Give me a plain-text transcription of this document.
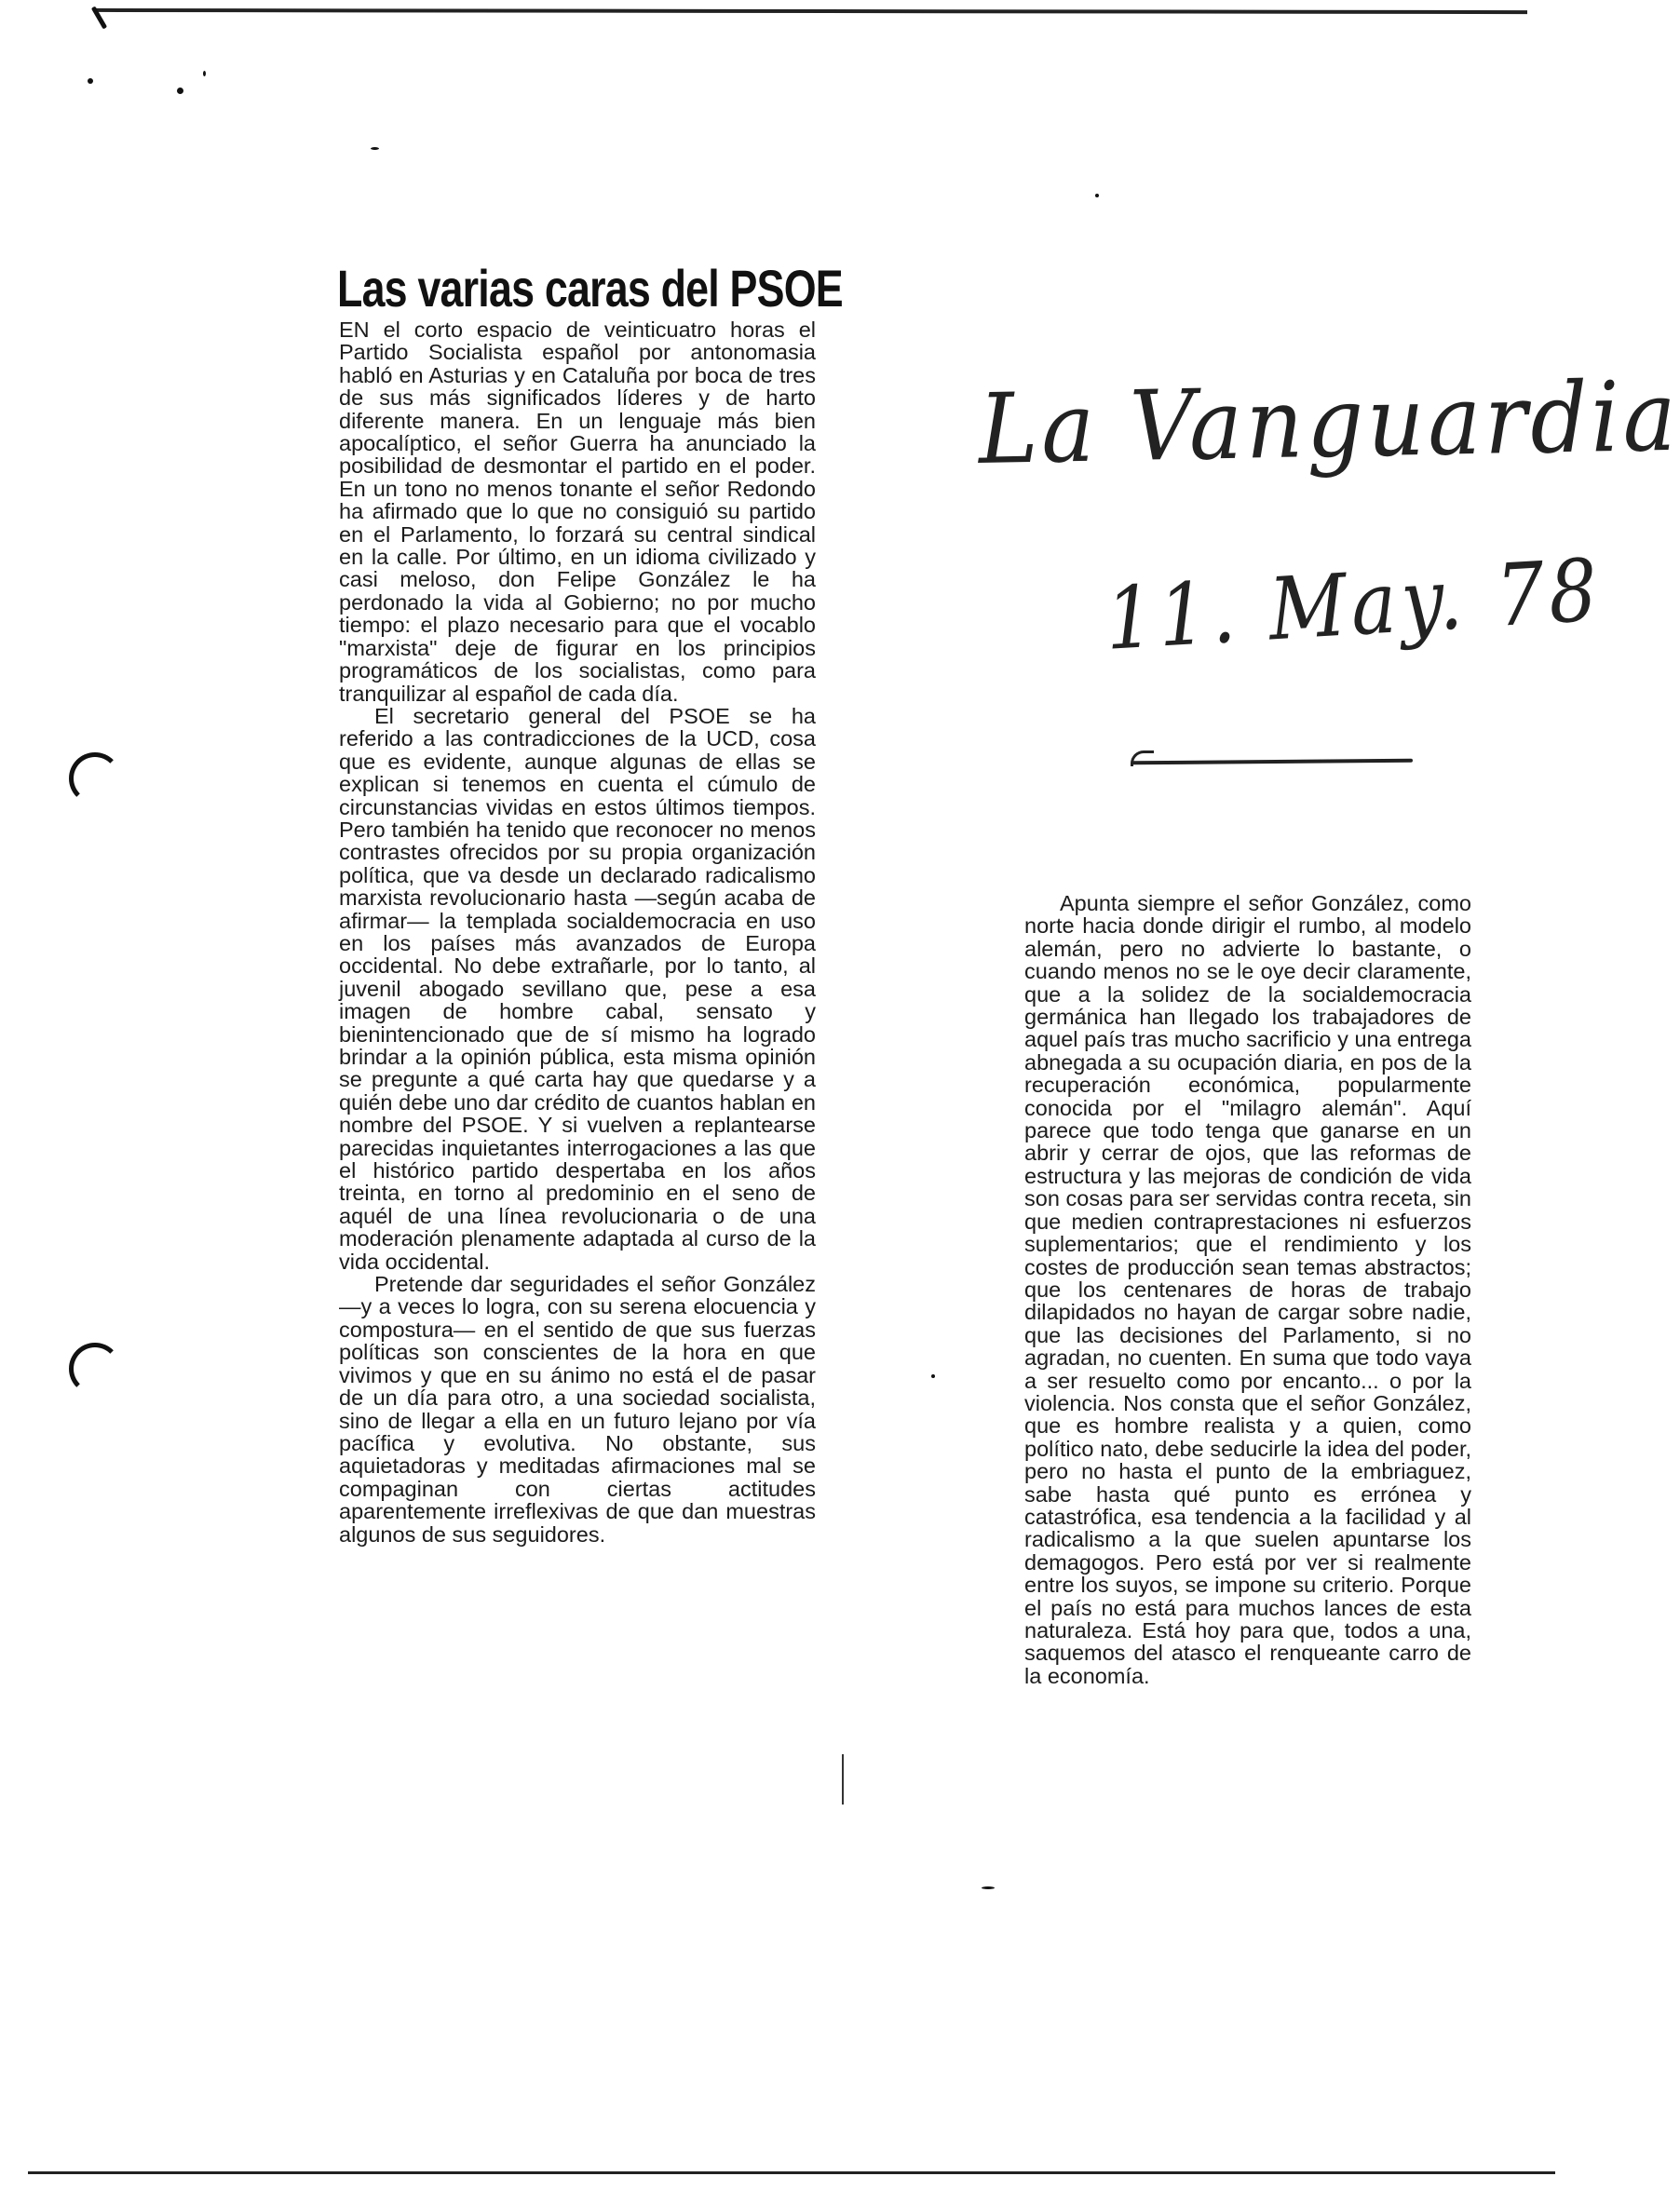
Las varias caras del PSOE

EN el corto espacio de veinticuatro horas el Partido Socialista español por antonomasia habló en Asturias y en Cataluña por boca de tres de sus más significados líderes y de harto diferente manera. En un lenguaje más bien apocalíptico, el señor Guerra ha anunciado la posibilidad de desmontar el partido en el poder. En un tono no menos tonante el señor Redondo ha afirmado que lo que no consiguió su partido en el Parlamento, lo forzará su central sindical en la calle. Por último, en un idioma civilizado y casi meloso, don Felipe González le ha perdonado la vida al Gobierno; no por mucho tiempo: el plazo necesario para que el vocablo "marxista" deje de figurar en los principios programáticos de los socialistas, como para tranquilizar al español de cada día.

El secretario general del PSOE se ha referido a las contradicciones de la UCD, cosa que es evidente, aunque algunas de ellas se explican si tenemos en cuenta el cúmulo de circunstancias vividas en estos últimos tiempos. Pero también ha tenido que reconocer no menos contrastes ofrecidos por su propia organización política, que va desde un declarado radicalismo marxista revolucionario hasta —según acaba de afirmar— la templada socialdemocracia en uso en los países más avanzados de Europa occidental. No debe extrañarle, por lo tanto, al juvenil abogado sevillano que, pese a esa imagen de hombre cabal, sensato y bienintencionado que de sí mismo ha logrado brindar a la opinión pública, esta misma opinión se pregunte a qué carta hay que quedarse y a quién debe uno dar crédito de cuantos hablan en nombre del PSOE. Y si vuelven a replantearse parecidas inquietantes interrogaciones a las que el histórico partido despertaba en los años treinta, en torno al predominio en el seno de aquél de una línea revolucionaria o de una moderación plenamente adaptada al curso de la vida occidental.

Pretende dar seguridades el señor González —y a veces lo logra, con su serena elocuencia y compostura— en el sentido de que sus fuerzas políticas son conscientes de la hora en que vivimos y que en su ánimo no está el de pasar de un día para otro, a una sociedad socialista, sino de llegar a ella en un futuro lejano por vía pacífica y evolutiva. No obstante, sus aquietadoras y meditadas afirmaciones mal se compaginan con ciertas actitudes aparentemente irreflexivas de que dan muestras algunos de sus seguidores.

Apunta siempre el señor González, como norte hacia donde dirigir el rumbo, al modelo alemán, pero no advierte lo bastante, o cuando menos no se le oye decir claramente, que a la solidez de la socialdemocracia germánica han llegado los trabajadores de aquel país tras mucho sacrificio y una entrega abnegada a su ocupación diaria, en pos de la recuperación económica, popularmente conocida por el "milagro alemán". Aquí parece que todo tenga que ganarse en un abrir y cerrar de ojos, que las reformas de estructura y las mejoras de condición de vida son cosas para ser servidas contra receta, sin que medien contraprestaciones ni esfuerzos suplementarios; que el rendimiento y los costes de producción sean temas abstractos; que los centenares de horas de trabajo dilapidados no hayan de cargar sobre nadie, que las decisiones del Parlamento, si no agradan, no cuenten. En suma que todo vaya a ser resuelto como por encanto... o por la violencia. Nos consta que el señor González, que es hombre realista y a quien, como político nato, debe seducirle la idea del poder, pero no hasta el punto de la embriaguez, sabe hasta qué punto es errónea y catastrófica, esa tendencia a la facilidad y al radicalismo a la que suelen apuntarse los demagogos. Pero está por ver si realmente entre los suyos, se impone su criterio. Porque el país no está para muchos lances de esta naturaleza. Está hoy para que, todos a una, saquemos del atasco el renqueante carro de la economía.

La Vanguardia
11. May. 78
